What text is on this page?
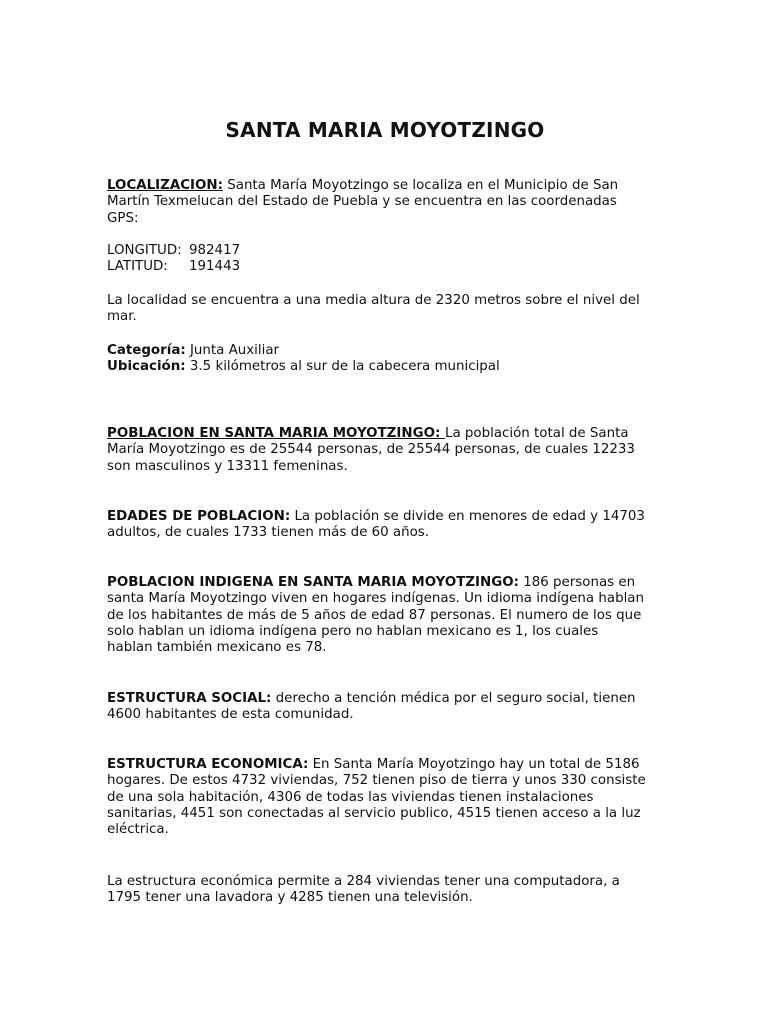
SANTA MARIA MOYOTZINGO

LOCALIZACION: Santa María Moyotzingo se localiza en el Municipio de San Martín Texmelucan del Estado de Puebla y se encuentra en las coordenadas GPS:

LONGITUD: 982417
LATITUD: 191443

La localidad se encuentra a una media altura de 2320 metros sobre el nivel del mar.

Categoría: Junta Auxiliar
Ubicación: 3.5 kilómetros al sur de la cabecera municipal

POBLACION EN SANTA MARIA MOYOTZINGO: La población total de Santa María Moyotzingo es de 25544 personas, de 25544 personas, de cuales 12233 son masculinos y 13311 femeninas.

EDADES DE POBLACION: La población se divide en menores de edad y 14703 adultos, de cuales 1733 tienen más de 60 años.

POBLACION INDIGENA EN SANTA MARIA MOYOTZINGO: 186 personas en santa María Moyotzingo viven en hogares indígenas. Un idioma indígena hablan de los habitantes de más de 5 años de edad 87 personas. El numero de los que solo hablan un idioma indígena pero no hablan mexicano es 1, los cuales hablan también mexicano es 78.

ESTRUCTURA SOCIAL: derecho a tención médica por el seguro social, tienen 4600 habitantes de esta comunidad.

ESTRUCTURA ECONOMICA: En Santa María Moyotzingo hay un total de 5186 hogares. De estos 4732 viviendas, 752 tienen piso de tierra y unos 330 consiste de una sola habitación, 4306 de todas las viviendas tienen instalaciones sanitarias, 4451 son conectadas al servicio publico, 4515 tienen acceso a la luz eléctrica.

La estructura económica permite a 284 viviendas tener una computadora, a 1795 tener una lavadora y 4285 tienen una televisión.
